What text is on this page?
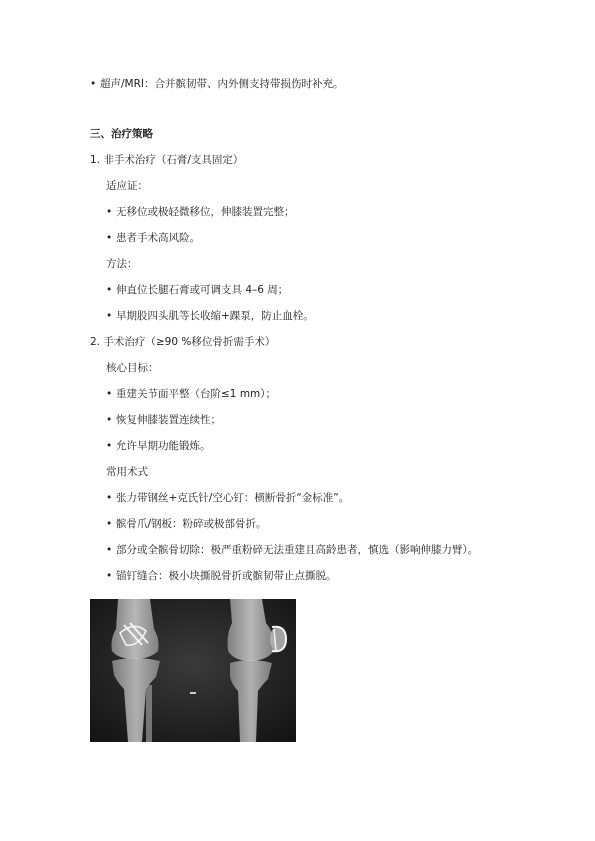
• 超声/MRI：合并髌韧带、内外侧支持带损伤时补充。
三、治疗策略
1. 非手术治疗（石膏/支具固定）
适应证：
• 无移位或极轻微移位，伸膝装置完整；
• 患者手术高风险。
方法：
• 伸直位长腿石膏或可调支具 4–6 周；
• 早期股四头肌等长收缩+踝泵，防止血栓。
2. 手术治疗（≥90 %移位骨折需手术）
核心目标：
• 重建关节面平整（台阶≤1 mm）；
• 恢复伸膝装置连续性；
• 允许早期功能锻炼。
常用术式
• 张力带钢丝+克氏针/空心钉：横断骨折“金标准”。
• 髌骨爪/钢板：粉碎或极部骨折。
• 部分或全髌骨切除：极严重粉碎无法重建且高龄患者，慎选（影响伸膝力臂）。
• 锚钉缝合：极小块撕脱骨折或髌韧带止点撕脱。
